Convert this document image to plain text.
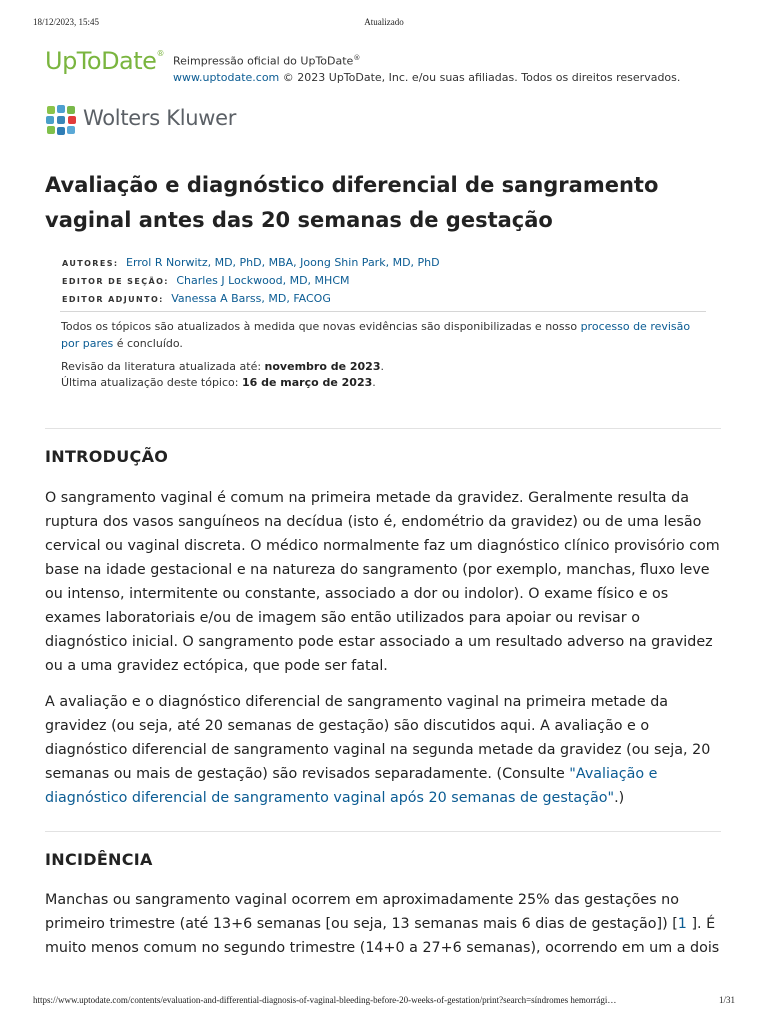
18/12/2023, 15:45	Atualizado
UpToDate®
Reimpressão oficial do UpToDate®
www.uptodate.com © 2023 UpToDate, Inc. e/ou suas afiliadas. Todos os direitos reservados.
Wolters Kluwer
Avaliação e diagnóstico diferencial de sangramento vaginal antes das 20 semanas de gestação
AUTORES: Errol R Norwitz, MD, PhD, MBA, Joong Shin Park, MD, PhD
EDITOR DE SEÇÃO: Charles J Lockwood, MD, MHCM
EDITOR ADJUNTO: Vanessa A Barss, MD, FACOG

Todos os tópicos são atualizados à medida que novas evidências são disponibilizadas e nosso processo de revisão por pares é concluído.

Revisão da literatura atualizada até: novembro de 2023.
Última atualização deste tópico: 16 de março de 2023.
INTRODUÇÃO

O sangramento vaginal é comum na primeira metade da gravidez. Geralmente resulta da ruptura dos vasos sanguíneos na decídua (isto é, endométrio da gravidez) ou de uma lesão cervical ou vaginal discreta. O médico normalmente faz um diagnóstico clínico provisório com base na idade gestacional e na natureza do sangramento (por exemplo, manchas, fluxo leve ou intenso, intermitente ou constante, associado a dor ou indolor). O exame físico e os exames laboratoriais e/ou de imagem são então utilizados para apoiar ou revisar o diagnóstico inicial. O sangramento pode estar associado a um resultado adverso na gravidez ou a uma gravidez ectópica, que pode ser fatal.

A avaliação e o diagnóstico diferencial de sangramento vaginal na primeira metade da gravidez (ou seja, até 20 semanas de gestação) são discutidos aqui. A avaliação e o diagnóstico diferencial de sangramento vaginal na segunda metade da gravidez (ou seja, 20 semanas ou mais de gestação) são revisados separadamente. (Consulte "Avaliação e diagnóstico diferencial de sangramento vaginal após 20 semanas de gestação".)

INCIDÊNCIA

Manchas ou sangramento vaginal ocorrem em aproximadamente 25% das gestações no primeiro trimestre (até 13+6 semanas [ou seja, 13 semanas mais 6 dias de gestação]) [1 ]. É muito menos comum no segundo trimestre (14+0 a 27+6 semanas), ocorrendo em um a dois

https://www.uptodate.com/contents/evaluation-and-differential-diagnosis-of-vaginal-bleeding-before-20-weeks-of-gestation/print?search=síndromes hemorrági…	1/31
